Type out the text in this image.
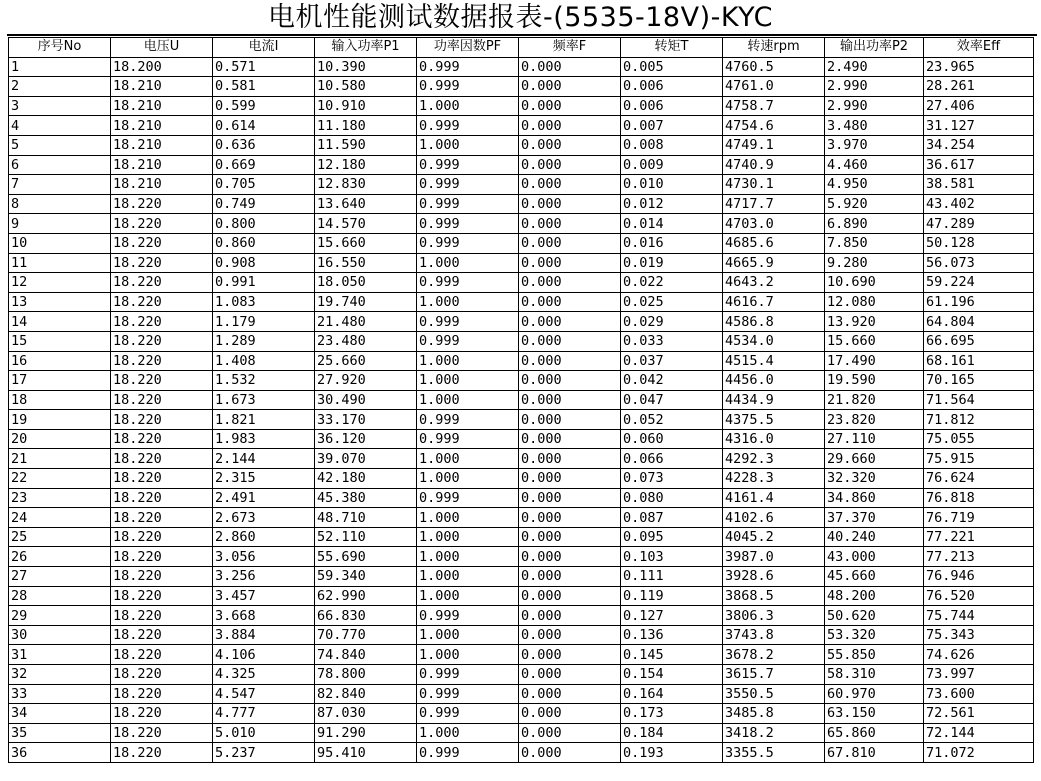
电机性能测试数据报表-(5535-18V)-KYC
序号No	电压U	电流I	输入功率P1	功率因数PF	频率F	转矩T	转速rpm	输出功率P2	效率Eff
1	18.200	0.571	10.390	0.999	0.000	0.005	4760.5	2.490	23.965
2	18.210	0.581	10.580	0.999	0.000	0.006	4761.0	2.990	28.261
3	18.210	0.599	10.910	1.000	0.000	0.006	4758.7	2.990	27.406
4	18.210	0.614	11.180	0.999	0.000	0.007	4754.6	3.480	31.127
5	18.210	0.636	11.590	1.000	0.000	0.008	4749.1	3.970	34.254
6	18.210	0.669	12.180	0.999	0.000	0.009	4740.9	4.460	36.617
7	18.210	0.705	12.830	0.999	0.000	0.010	4730.1	4.950	38.581
8	18.220	0.749	13.640	0.999	0.000	0.012	4717.7	5.920	43.402
9	18.220	0.800	14.570	0.999	0.000	0.014	4703.0	6.890	47.289
10	18.220	0.860	15.660	0.999	0.000	0.016	4685.6	7.850	50.128
11	18.220	0.908	16.550	1.000	0.000	0.019	4665.9	9.280	56.073
12	18.220	0.991	18.050	0.999	0.000	0.022	4643.2	10.690	59.224
13	18.220	1.083	19.740	1.000	0.000	0.025	4616.7	12.080	61.196
14	18.220	1.179	21.480	0.999	0.000	0.029	4586.8	13.920	64.804
15	18.220	1.289	23.480	0.999	0.000	0.033	4534.0	15.660	66.695
16	18.220	1.408	25.660	1.000	0.000	0.037	4515.4	17.490	68.161
17	18.220	1.532	27.920	1.000	0.000	0.042	4456.0	19.590	70.165
18	18.220	1.673	30.490	1.000	0.000	0.047	4434.9	21.820	71.564
19	18.220	1.821	33.170	0.999	0.000	0.052	4375.5	23.820	71.812
20	18.220	1.983	36.120	0.999	0.000	0.060	4316.0	27.110	75.055
21	18.220	2.144	39.070	1.000	0.000	0.066	4292.3	29.660	75.915
22	18.220	2.315	42.180	1.000	0.000	0.073	4228.3	32.320	76.624
23	18.220	2.491	45.380	0.999	0.000	0.080	4161.4	34.860	76.818
24	18.220	2.673	48.710	1.000	0.000	0.087	4102.6	37.370	76.719
25	18.220	2.860	52.110	1.000	0.000	0.095	4045.2	40.240	77.221
26	18.220	3.056	55.690	1.000	0.000	0.103	3987.0	43.000	77.213
27	18.220	3.256	59.340	1.000	0.000	0.111	3928.6	45.660	76.946
28	18.220	3.457	62.990	1.000	0.000	0.119	3868.5	48.200	76.520
29	18.220	3.668	66.830	0.999	0.000	0.127	3806.3	50.620	75.744
30	18.220	3.884	70.770	1.000	0.000	0.136	3743.8	53.320	75.343
31	18.220	4.106	74.840	1.000	0.000	0.145	3678.2	55.850	74.626
32	18.220	4.325	78.800	0.999	0.000	0.154	3615.7	58.310	73.997
33	18.220	4.547	82.840	0.999	0.000	0.164	3550.5	60.970	73.600
34	18.220	4.777	87.030	0.999	0.000	0.173	3485.8	63.150	72.561
35	18.220	5.010	91.290	1.000	0.000	0.184	3418.2	65.860	72.144
36	18.220	5.237	95.410	0.999	0.000	0.193	3355.5	67.810	71.072
